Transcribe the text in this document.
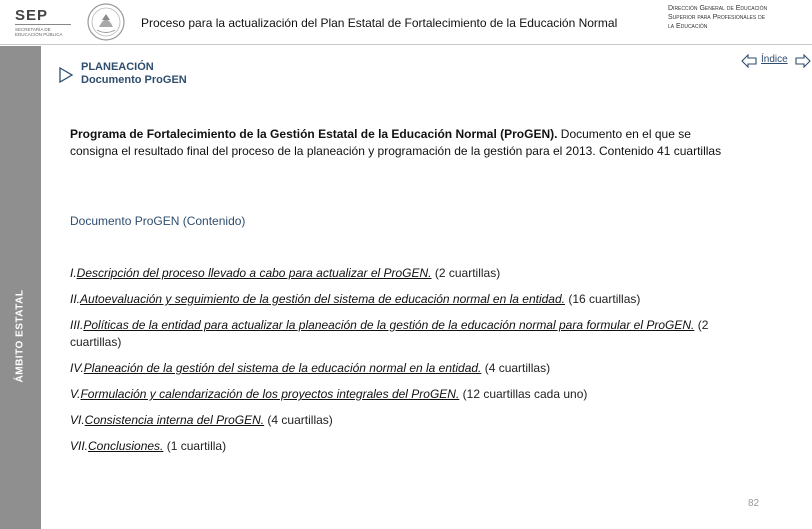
SEP
SECRETARÍA DE
EDUCACIÓN PÚBLICA
Proceso para la actualización del Plan Estatal de Fortalecimiento de la Educación Normal
Dirección General de Educación
Superior para Profesionales de
la Educación
ÁMBITO ESTATAL
PLANEACIÓN
Documento ProGEN
Índice
Programa de Fortalecimiento de la Gestión Estatal de la Educación Normal (ProGEN). Documento en el que se consigna el resultado final del proceso de la planeación y programación de la gestión para el 2013. Contenido 41 cuartillas
Documento ProGEN (Contenido)
I.Descripción del proceso llevado a cabo para actualizar el ProGEN. (2 cuartillas)
II.Autoevaluación y seguimiento de la gestión del sistema de educación normal en la entidad. (16 cuartillas)
III.Políticas de la entidad para actualizar la planeación de la gestión de la educación normal para formular el ProGEN. (2 cuartillas)
IV.Planeación de la gestión del sistema de la educación normal en la entidad. (4 cuartillas)
V.Formulación y calendarización de los proyectos integrales del ProGEN. (12 cuartillas cada uno)
VI.Consistencia interna del ProGEN. (4 cuartillas)
VII.Conclusiones. (1 cuartilla)
82
